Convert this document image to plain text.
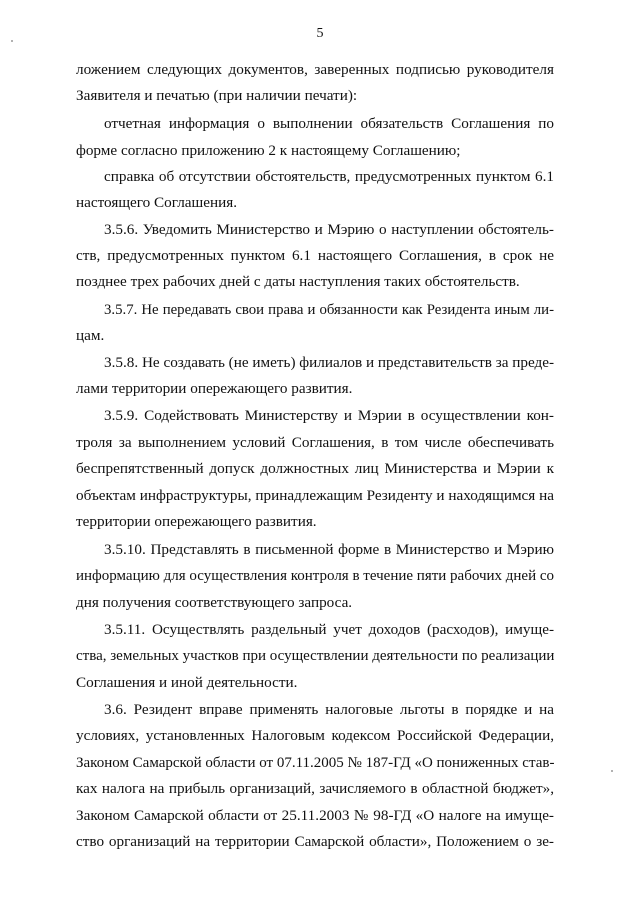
5
ложением следующих документов, заверенных подписью руководителя
Заявителя и печатью (при наличии печати):
отчетная информация о выполнении обязательств Соглашения по
форме согласно приложению 2 к настоящему Соглашению;
справка об отсутствии обстоятельств, предусмотренных пунктом 6.1
настоящего Соглашения.
3.5.6. Уведомить Министерство и Мэрию о наступлении обстоятель-
ств, предусмотренных пунктом 6.1 настоящего Соглашения, в срок не
позднее трех рабочих дней с даты наступления таких обстоятельств.
3.5.7. Не передавать свои права и обязанности как Резидента иным ли-
цам.
3.5.8. Не создавать (не иметь) филиалов и представительств за преде-
лами территории опережающего развития.
3.5.9. Содействовать Министерству и Мэрии в осуществлении кон-
троля за выполнением условий Соглашения, в том числе обеспечивать
беспрепятственный допуск должностных лиц Министерства и Мэрии к
объектам инфраструктуры, принадлежащим Резиденту и находящимся на
территории опережающего развития.
3.5.10. Представлять в письменной форме в Министерство и Мэрию
информацию для осуществления контроля в течение пяти рабочих дней со
дня получения соответствующего запроса.
3.5.11. Осуществлять раздельный учет доходов (расходов), имуще-
ства, земельных участков при осуществлении деятельности по реализации
Соглашения и иной деятельности.
3.6. Резидент вправе применять налоговые льготы в порядке и на
условиях, установленных Налоговым кодексом Российской Федерации,
Законом Самарской области от 07.11.2005 № 187-ГД «О пониженных став-
ках налога на прибыль организаций, зачисляемого в областной бюджет»,
Законом Самарской области от 25.11.2003 № 98-ГД «О налоге на имуще-
ство организаций на территории Самарской области», Положением о зе-
